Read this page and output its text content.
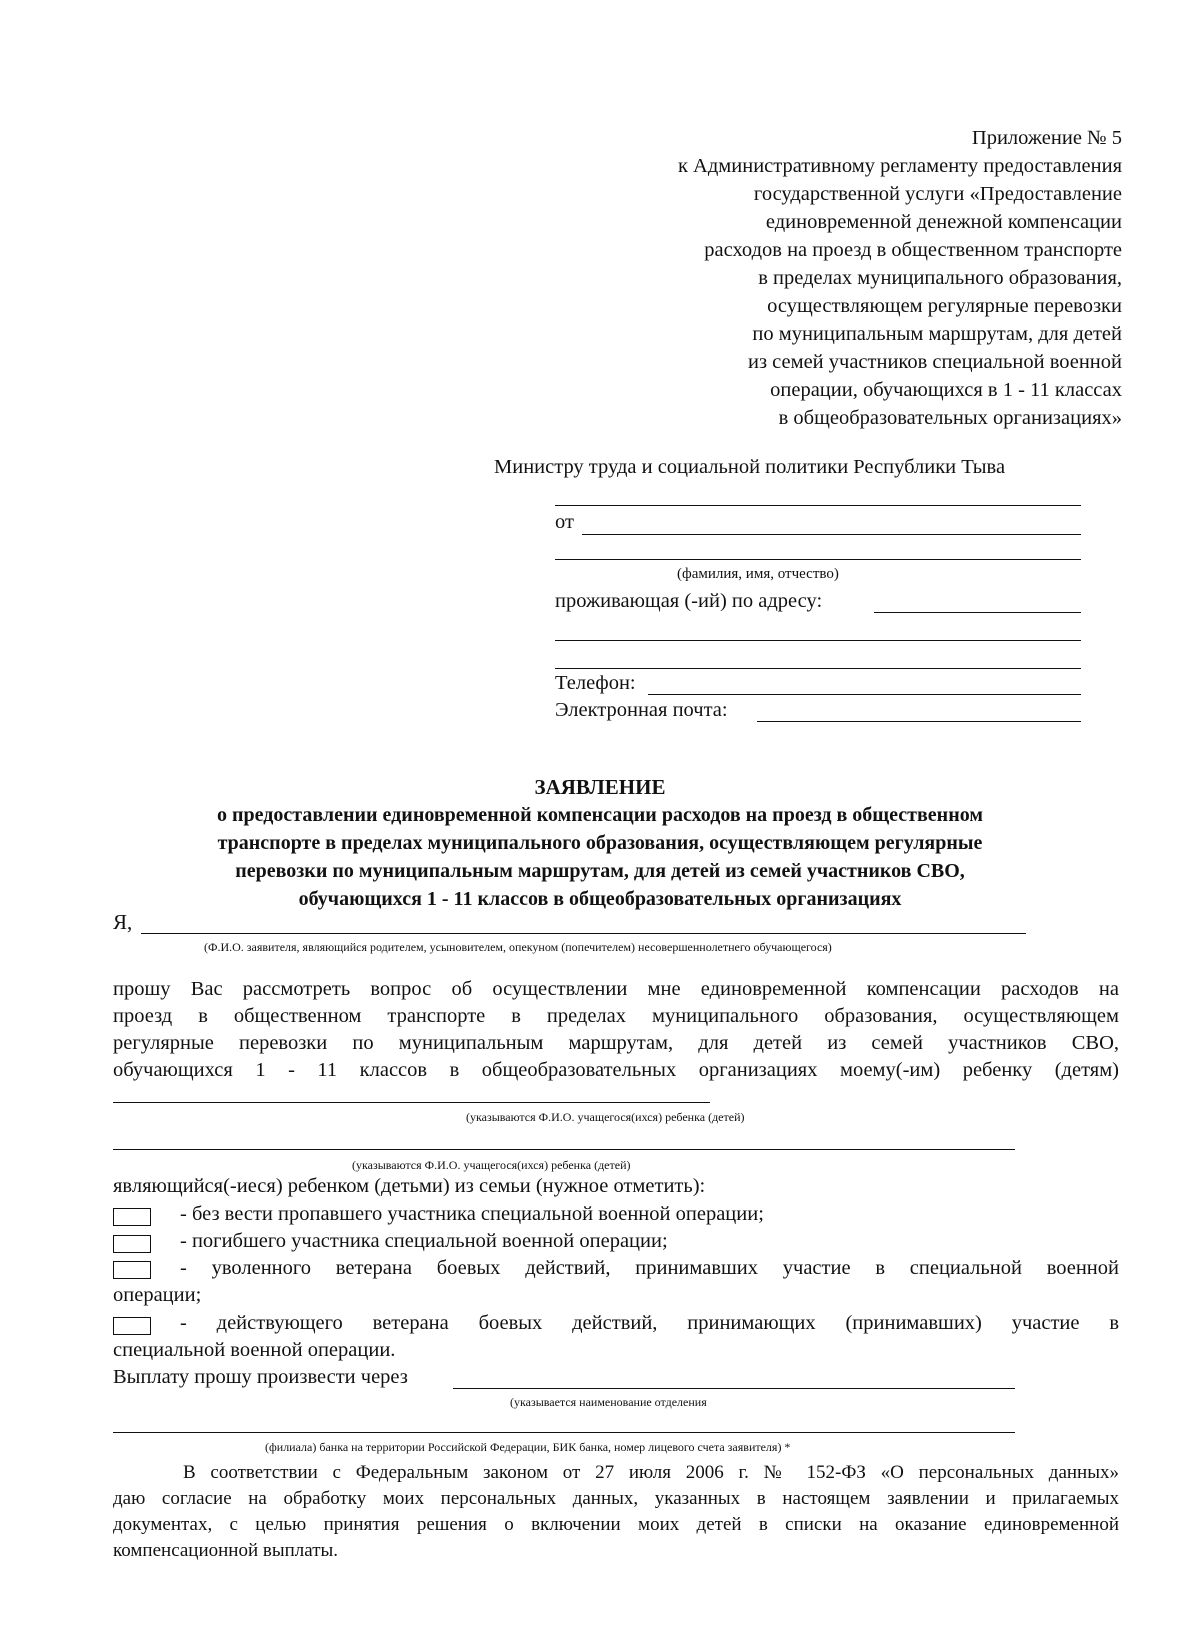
Приложение № 5
к Административному регламенту предоставления
государственной услуги «Предоставление
единовременной денежной компенсации
расходов на проезд в общественном транспорте
в пределах муниципального образования,
осуществляющем регулярные перевозки
по муниципальным маршрутам, для детей
из семей участников специальной военной
операции, обучающихся в 1 - 11 классах
в общеобразовательных организациях»
Министру труда и социальной политики Республики Тыва
от
(фамилия, имя, отчество)
проживающая (-ий) по адресу:
Телефон:
Электронная почта:
ЗАЯВЛЕНИЕ
о предоставлении единовременной компенсации расходов на проезд в общественном
транспорте в пределах муниципального образования, осуществляющем регулярные
перевозки по муниципальным маршрутам, для детей из семей участников СВО,
обучающихся 1 - 11 классов в общеобразовательных организациях
Я,
(Ф.И.О. заявителя, являющийся родителем, усыновителем, опекуном (попечителем) несовершеннолетнего обучающегося)
прошу Вас рассмотреть вопрос об осуществлении мне единовременной компенсации расходов на
проезд в общественном транспорте в пределах муниципального образования, осуществляющем
регулярные перевозки по муниципальным маршрутам, для детей из семей участников СВО,
обучающихся 1 - 11 классов в общеобразовательных организациях моему(-им) ребенку (детям)
(указываются Ф.И.О. учащегося(ихся) ребенка (детей)
(указываются Ф.И.О. учащегося(ихся) ребенка (детей)
являющийся(-иеся) ребенком (детьми) из семьи (нужное отметить):
- без вести пропавшего участника специальной военной операции;
- погибшего участника специальной военной операции;
- уволенного ветерана боевых действий, принимавших участие в специальной военной
операции;
- действующего ветерана боевых действий, принимающих (принимавших) участие в
специальной военной операции.
Выплату прошу произвести через
(указывается наименование отделения
(филиала) банка на территории Российской Федерации, БИК банка, номер лицевого счета заявителя) *
В соответствии с Федеральным законом от 27 июля 2006 г. № 152-ФЗ «О персональных данных»
даю согласие на обработку моих персональных данных, указанных в настоящем заявлении и прилагаемых
документах, с целью принятия решения о включении моих детей в списки на оказание единовременной
компенсационной выплаты.
